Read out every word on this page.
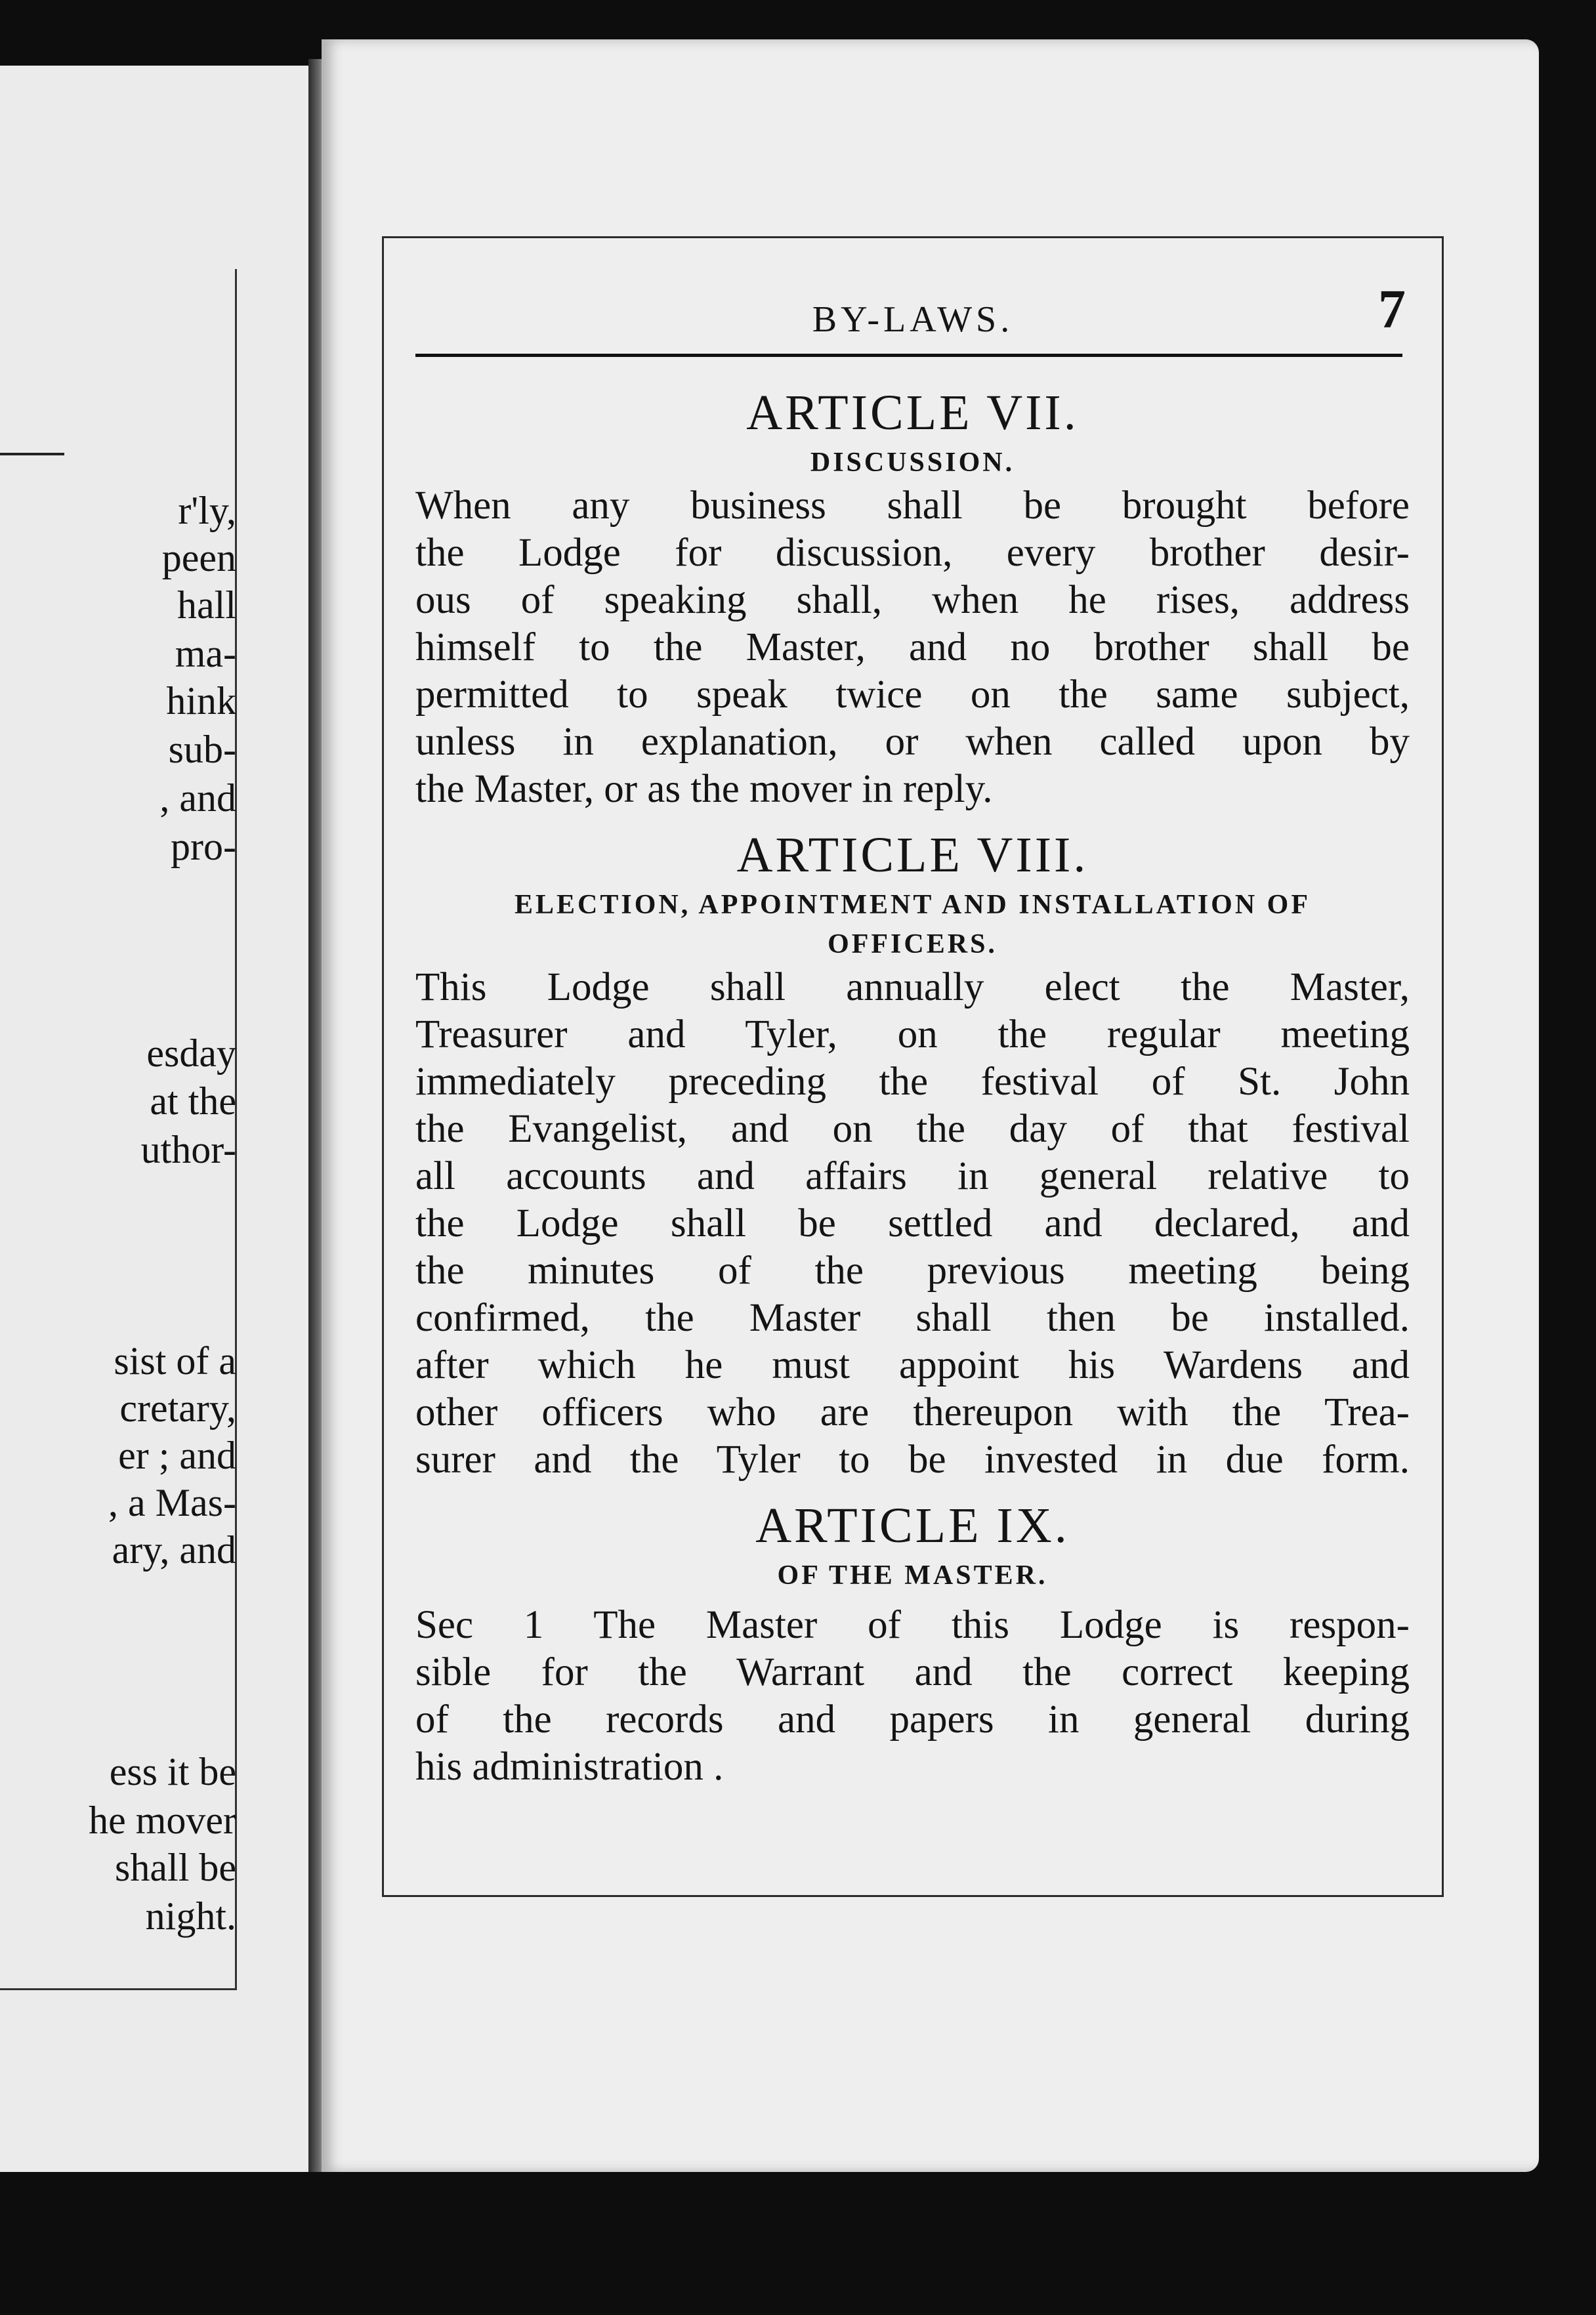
r'ly,
peen
hall
ma-
hink
sub-
, and
pro-
esday
at the
uthor-
sist of a
cretary,
er ; and
, a Mas-
ary, and
ess it be
he mover
shall be
night.
BY-LAWS.	7

ARTICLE VII.

DISCUSSION.

When any business shall be brought before

the Lodge for discussion, every brother desir-

ous of speaking shall, when he rises, address

himself to the Master, and no brother shall be

permitted to speak twice on the same subject,

unless in explanation, or when called upon by

the Master, or as the mover in reply.

ARTICLE VIII.

ELECTION, APPOINTMENT AND INSTALLATION OF

OFFICERS.

This Lodge shall annually elect the Master,

Treasurer and Tyler, on the regular meeting

immediately preceding the festival of St. John

the Evangelist, and on the day of that festival

all accounts and affairs in general relative to

the Lodge shall be settled and declared, and

the minutes of the previous meeting being

confirmed, the Master shall then be installed.

after which he must appoint his Wardens and

other officers who are thereupon with the Trea-

surer and the Tyler to be invested in due form.

ARTICLE IX.

OF THE MASTER.

Sec 1 The Master of this Lodge is respon-

sible for the Warrant and the correct keeping

of the records and papers in general during

his administration .
